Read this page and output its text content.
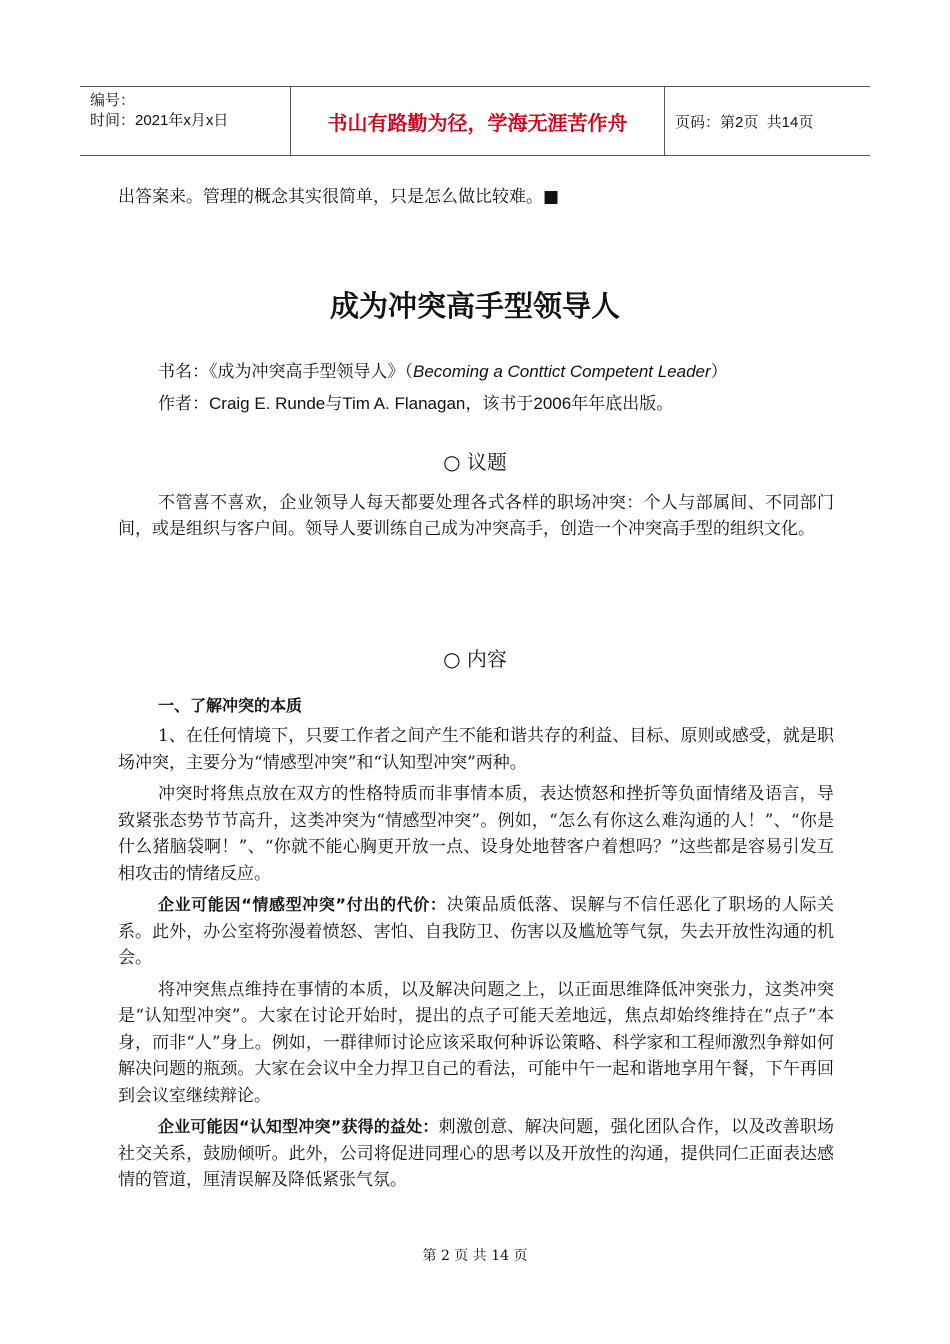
编号：
时间：2021年x月x日	书山有路勤为径，学海无涯苦作舟	页码：第2页  共14页
出答案来。管理的概念其实很简单，只是怎么做比较难。■
成为冲突高手型领导人
书名：《成为冲突高手型领导人》（Becoming a Conttict Competent Leader）
作者：Craig E. Runde与Tim A. Flanagan，该书于2006年年底出版。
○ 议题

不管喜不喜欢，企业领导人每天都要处理各式各样的职场冲突：个人与部属间、不同部门间，或是组织与客户间。领导人要训练自己成为冲突高手，创造一个冲突高手型的组织文化。

○ 内容
一、了解冲突的本质

1、在任何情境下，只要工作者之间产生不能和谐共存的利益、目标、原则或感受，就是职场冲突，主要分为“情感型冲突”和“认知型冲突”两种。

冲突时将焦点放在双方的性格特质而非事情本质，表达愤怒和挫折等负面情绪及语言，导致紧张态势节节高升，这类冲突为“情感型冲突”。例如，“怎么有你这么难沟通的人！”、“你是什么猪脑袋啊！”、“你就不能心胸更开放一点、设身处地替客户着想吗？”这些都是容易引发互相攻击的情绪反应。

企业可能因“情感型冲突”付出的代价：决策品质低落、误解与不信任恶化了职场的人际关系。此外，办公室将弥漫着愤怒、害怕、自我防卫、伤害以及尴尬等气氛，失去开放性沟通的机会。

将冲突焦点维持在事情的本质，以及解决问题之上，以正面思维降低冲突张力，这类冲突是“认知型冲突”。大家在讨论开始时，提出的点子可能天差地远，焦点却始终维持在“点子”本身，而非“人”身上。例如，一群律师讨论应该采取何种诉讼策略、科学家和工程师激烈争辩如何解决问题的瓶颈。大家在会议中全力捍卫自己的看法，可能中午一起和谐地享用午餐，下午再回到会议室继续辩论。

企业可能因“认知型冲突”获得的益处：刺激创意、解决问题，强化团队合作，以及改善职场社交关系，鼓励倾听。此外，公司将促进同理心的思考以及开放性的沟通，提供同仁正面表达感情的管道，厘清误解及降低紧张气氛。

第 2 页 共 14 页
